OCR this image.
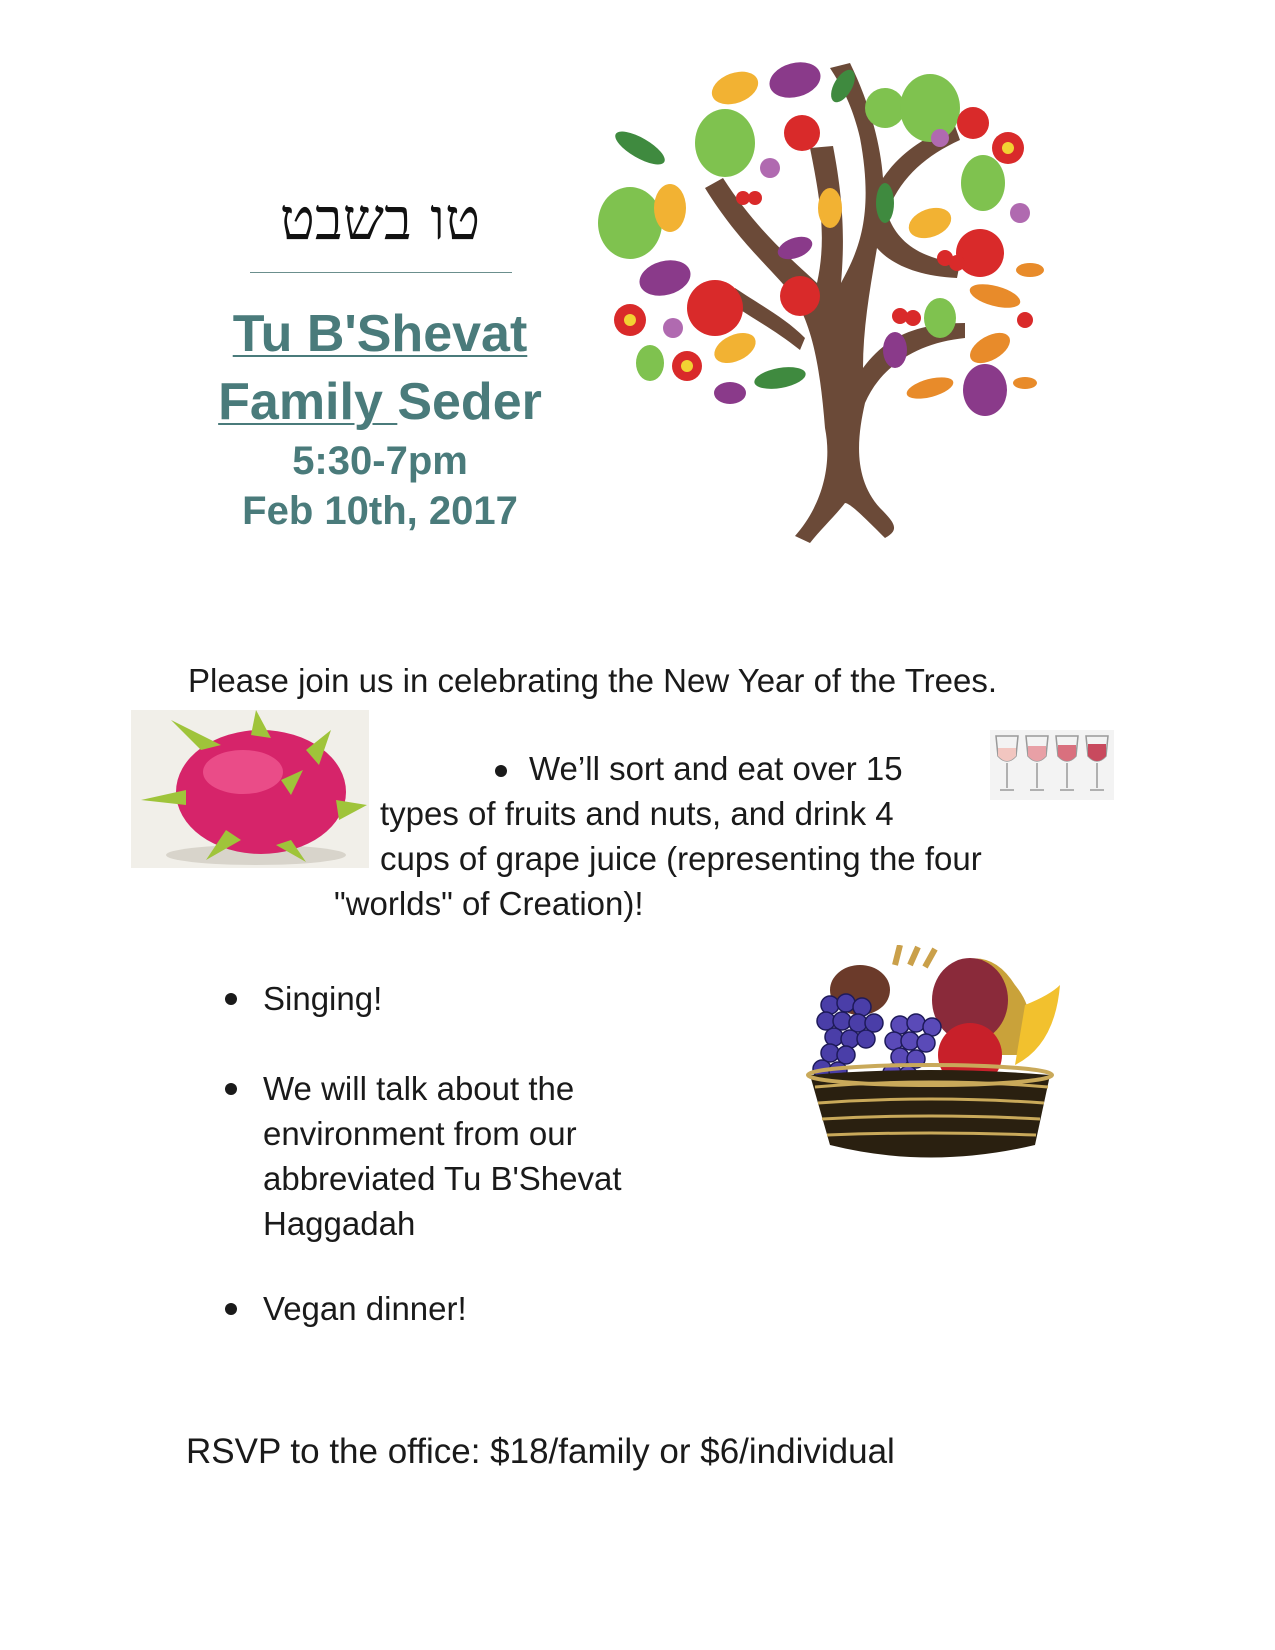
טו בשבט

Tu B'Shevat

Family Seder

5:30-7pm

Feb 10th, 2017

Please join us in celebrating the New Year of the Trees.
We’ll sort and eat over 15
types of fruits and nuts, and drink 4
cups of grape juice (representing the four
"worlds" of Creation)!
Singing!
We will talk about the
environment from our
abbreviated Tu B'Shevat
Haggadah
Vegan dinner!
RSVP to the office: $18/family or $6/individual
